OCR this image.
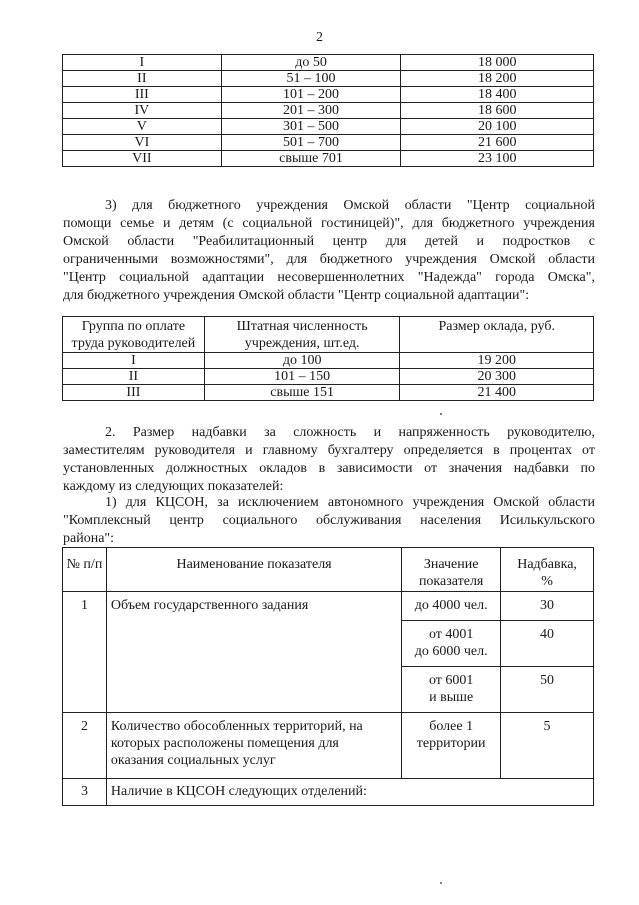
2
I	до 50	18 000
II	51 – 100	18 200
III	101 – 200	18 400
IV	201 – 300	18 600
V	301 – 500	20 100
VI	501 – 700	21 600
VII	свыше 701	23 100

3) для бюджетного учреждения Омской области "Центр социальной
помощи семье и детям (с социальной гостиницей)", для бюджетного учреждения
Омской области "Реабилитационный центр для детей и подростков с
ограниченными возможностями", для бюджетного учреждения Омской области
"Центр социальной адаптации несовершеннолетних "Надежда" города Омска",
для бюджетного учреждения Омской области "Центр социальной адаптации":

Группа по оплате
труда руководителей	Штатная численность
учреждения, шт.ед.	Размер оклада, руб.

I	до 100	19 200
II	101 – 150	20 300
III	свыше 151	21 400

2. Размер надбавки за сложность и напряженность руководителю,
заместителям руководителя и главному бухгалтеру определяется в процентах от
установленных должностных окладов в зависимости от значения надбавки по
каждому из следующих показателей:

1) для КЦСОН, за исключением автономного учреждения Омской области
"Комплексный центр социального обслуживания населения Исилькульского
района":

№ п/п	Наименование показателя	Значение
показателя	Надбавка,
%

1	Объем государственного задания	до 4000 чел.	30

		от 4001
до 6000 чел.	40

		от 6001
и выше	50
2	Количество обособленных территорий, на
которых расположены помещения для
оказания социальных услуг	более 1
территории	5
3	Наличие в КЦСОН следующих отделений:		
